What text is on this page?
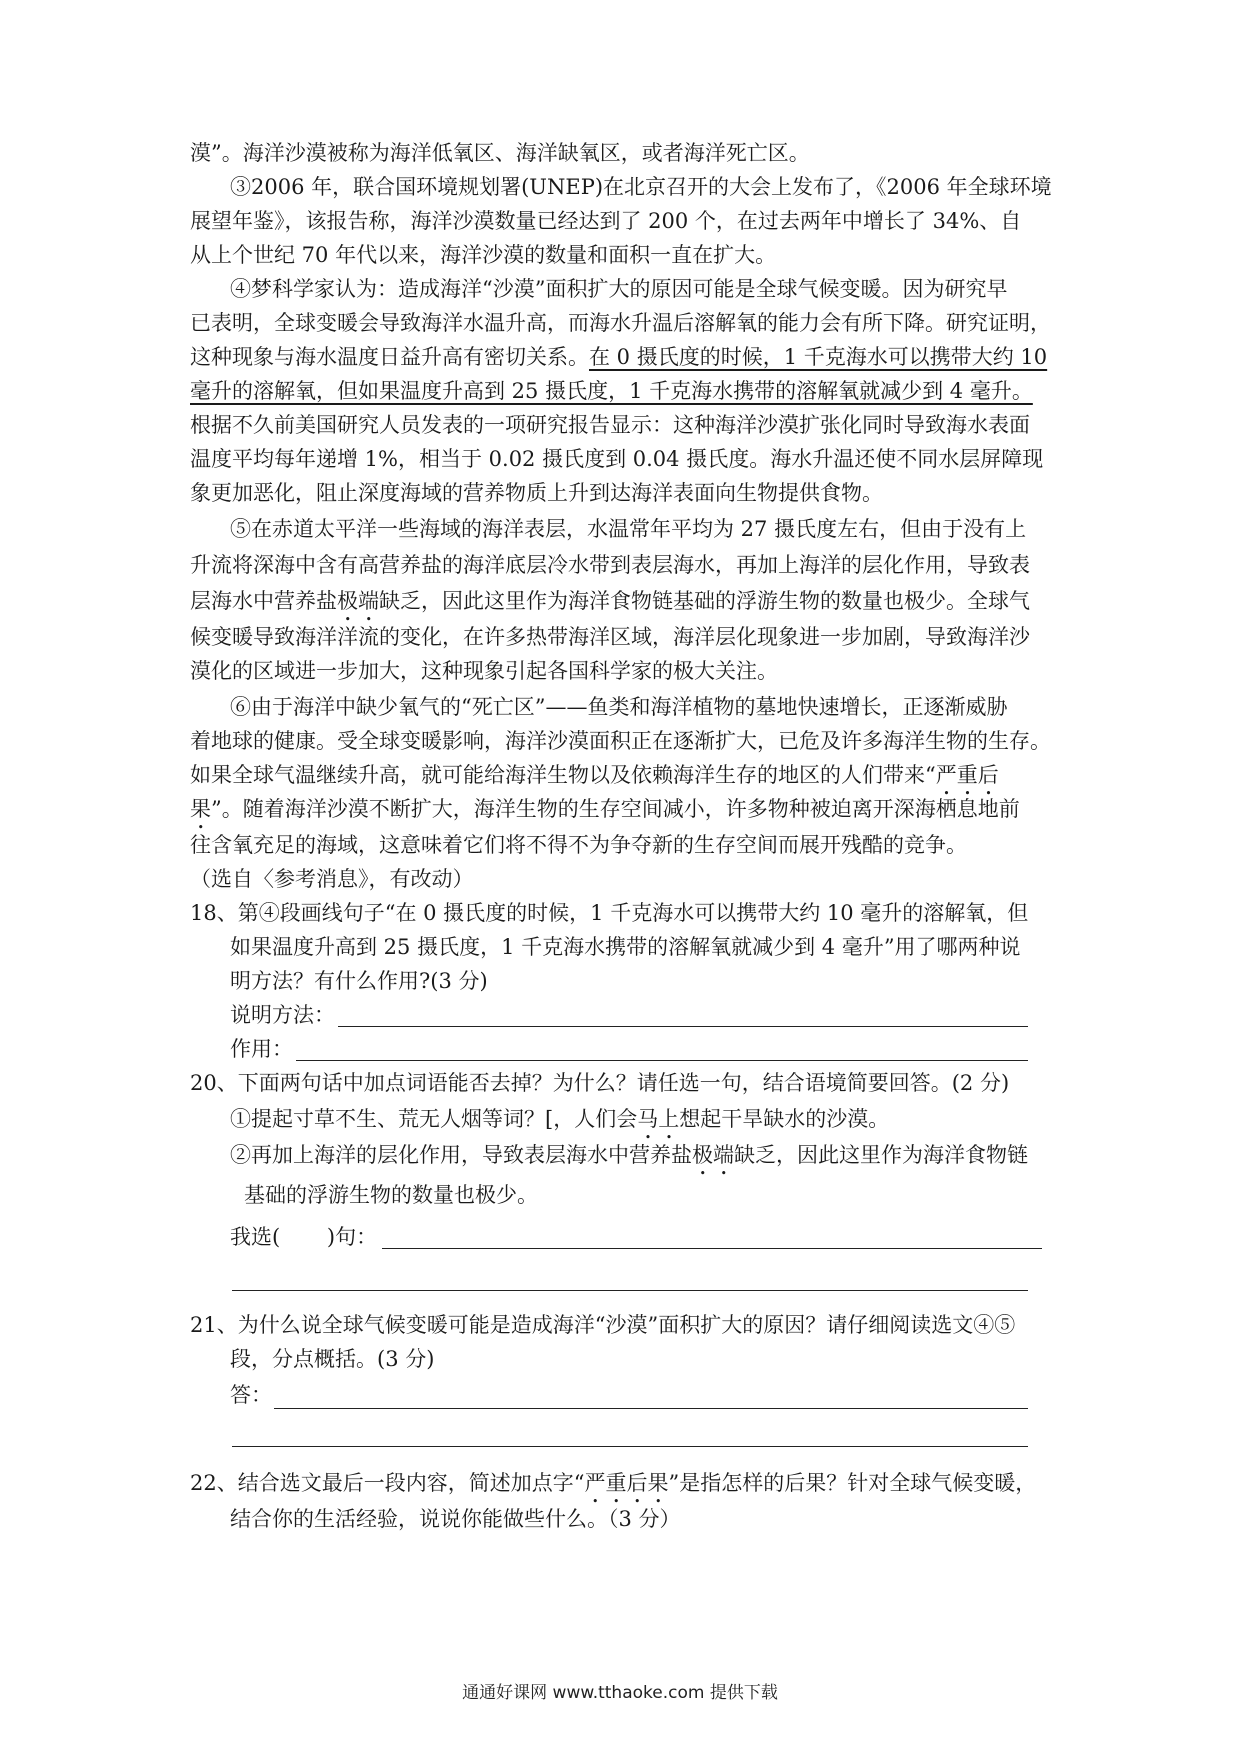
漠”。海洋沙漠被称为海洋低氧区、海洋缺氧区，或者海洋死亡区。
③2006 年，联合国环境规划署(UNEP)在北京召开的大会上发布了，《2006 年全球环境
展望年鉴》，该报告称，海洋沙漠数量已经达到了 200 个，在过去两年中增长了 34%、自
从上个世纪 70 年代以来，海洋沙漠的数量和面积一直在扩大。
④梦科学家认为：造成海洋“沙漠”面积扩大的原因可能是全球气候变暖。因为研究早
已表明，全球变暖会导致海洋水温升高，而海水升温后溶解氧的能力会有所下降。研究证明，
这种现象与海水温度日益升高有密切关系。在 0 摄氏度的时候，1 千克海水可以携带大约 10
毫升的溶解氧，但如果温度升高到 25 摄氏度，1 千克海水携带的溶解氧就减少到 4 毫升。
根据不久前美国研究人员发表的一项研究报告显示：这种海洋沙漠扩张化同时导致海水表面
温度平均每年递增 1%，相当于 0.02 摄氏度到 0.04 摄氏度。海水升温还使不同水层屏障现
象更加恶化，阻止深度海域的营养物质上升到达海洋表面向生物提供食物。
⑤在赤道太平洋一些海域的海洋表层，水温常年平均为 27 摄氏度左右，但由于没有上
升流将深海中含有高营养盐的海洋底层冷水带到表层海水，再加上海洋的层化作用，导致表
层海水中营养盐极端缺乏，因此这里作为海洋食物链基础的浮游生物的数量也极少。全球气
候变暖导致海洋洋流的变化，在许多热带海洋区域，海洋层化现象进一步加剧，导致海洋沙
漠化的区域进一步加大，这种现象引起各国科学家的极大关注。
⑥由于海洋中缺少氧气的“死亡区”——鱼类和海洋植物的墓地快速增长，正逐渐威胁
着地球的健康。受全球变暖影响，海洋沙漠面积正在逐渐扩大，已危及许多海洋生物的生存。
如果全球气温继续升高，就可能给海洋生物以及依赖海洋生存的地区的人们带来“严重后
果”。随着海洋沙漠不断扩大，海洋生物的生存空间减小，许多物种被迫离开深海栖息地前
往含氧充足的海域，这意味着它们将不得不为争夺新的生存空间而展开残酷的竞争。
（选自〈参考消息》，有改动）
18、第④段画线句子“在 0 摄氏度的时候，1 千克海水可以携带大约 10 毫升的溶解氧，但
如果温度升高到 25 摄氏度，1 千克海水携带的溶解氧就减少到 4 毫升”用了哪两种说
明方法？有什么作用?(3 分)
说明方法：
作用：
20、下面两句话中加点词语能否去掉？为什么？请任选一句，结合语境简要回答。(2 分)
①提起寸草不生、荒无人烟等词？[，人们会马上想起干旱缺水的沙漠。
②再加上海洋的层化作用，导致表层海水中营养盐极端缺乏，因此这里作为海洋食物链
基础的浮游生物的数量也极少。
我选(       )句：
21、为什么说全球气候变暖可能是造成海洋“沙漠”面积扩大的原因？请仔细阅读选文④⑤
段，分点概括。(3 分)
答：
22、结合选文最后一段内容，简述加点字“严重后果”是指怎样的后果？针对全球气候变暖，
结合你的生活经验，说说你能做些什么。（3 分）
通通好课网 www.tthaoke.com 提供下载
